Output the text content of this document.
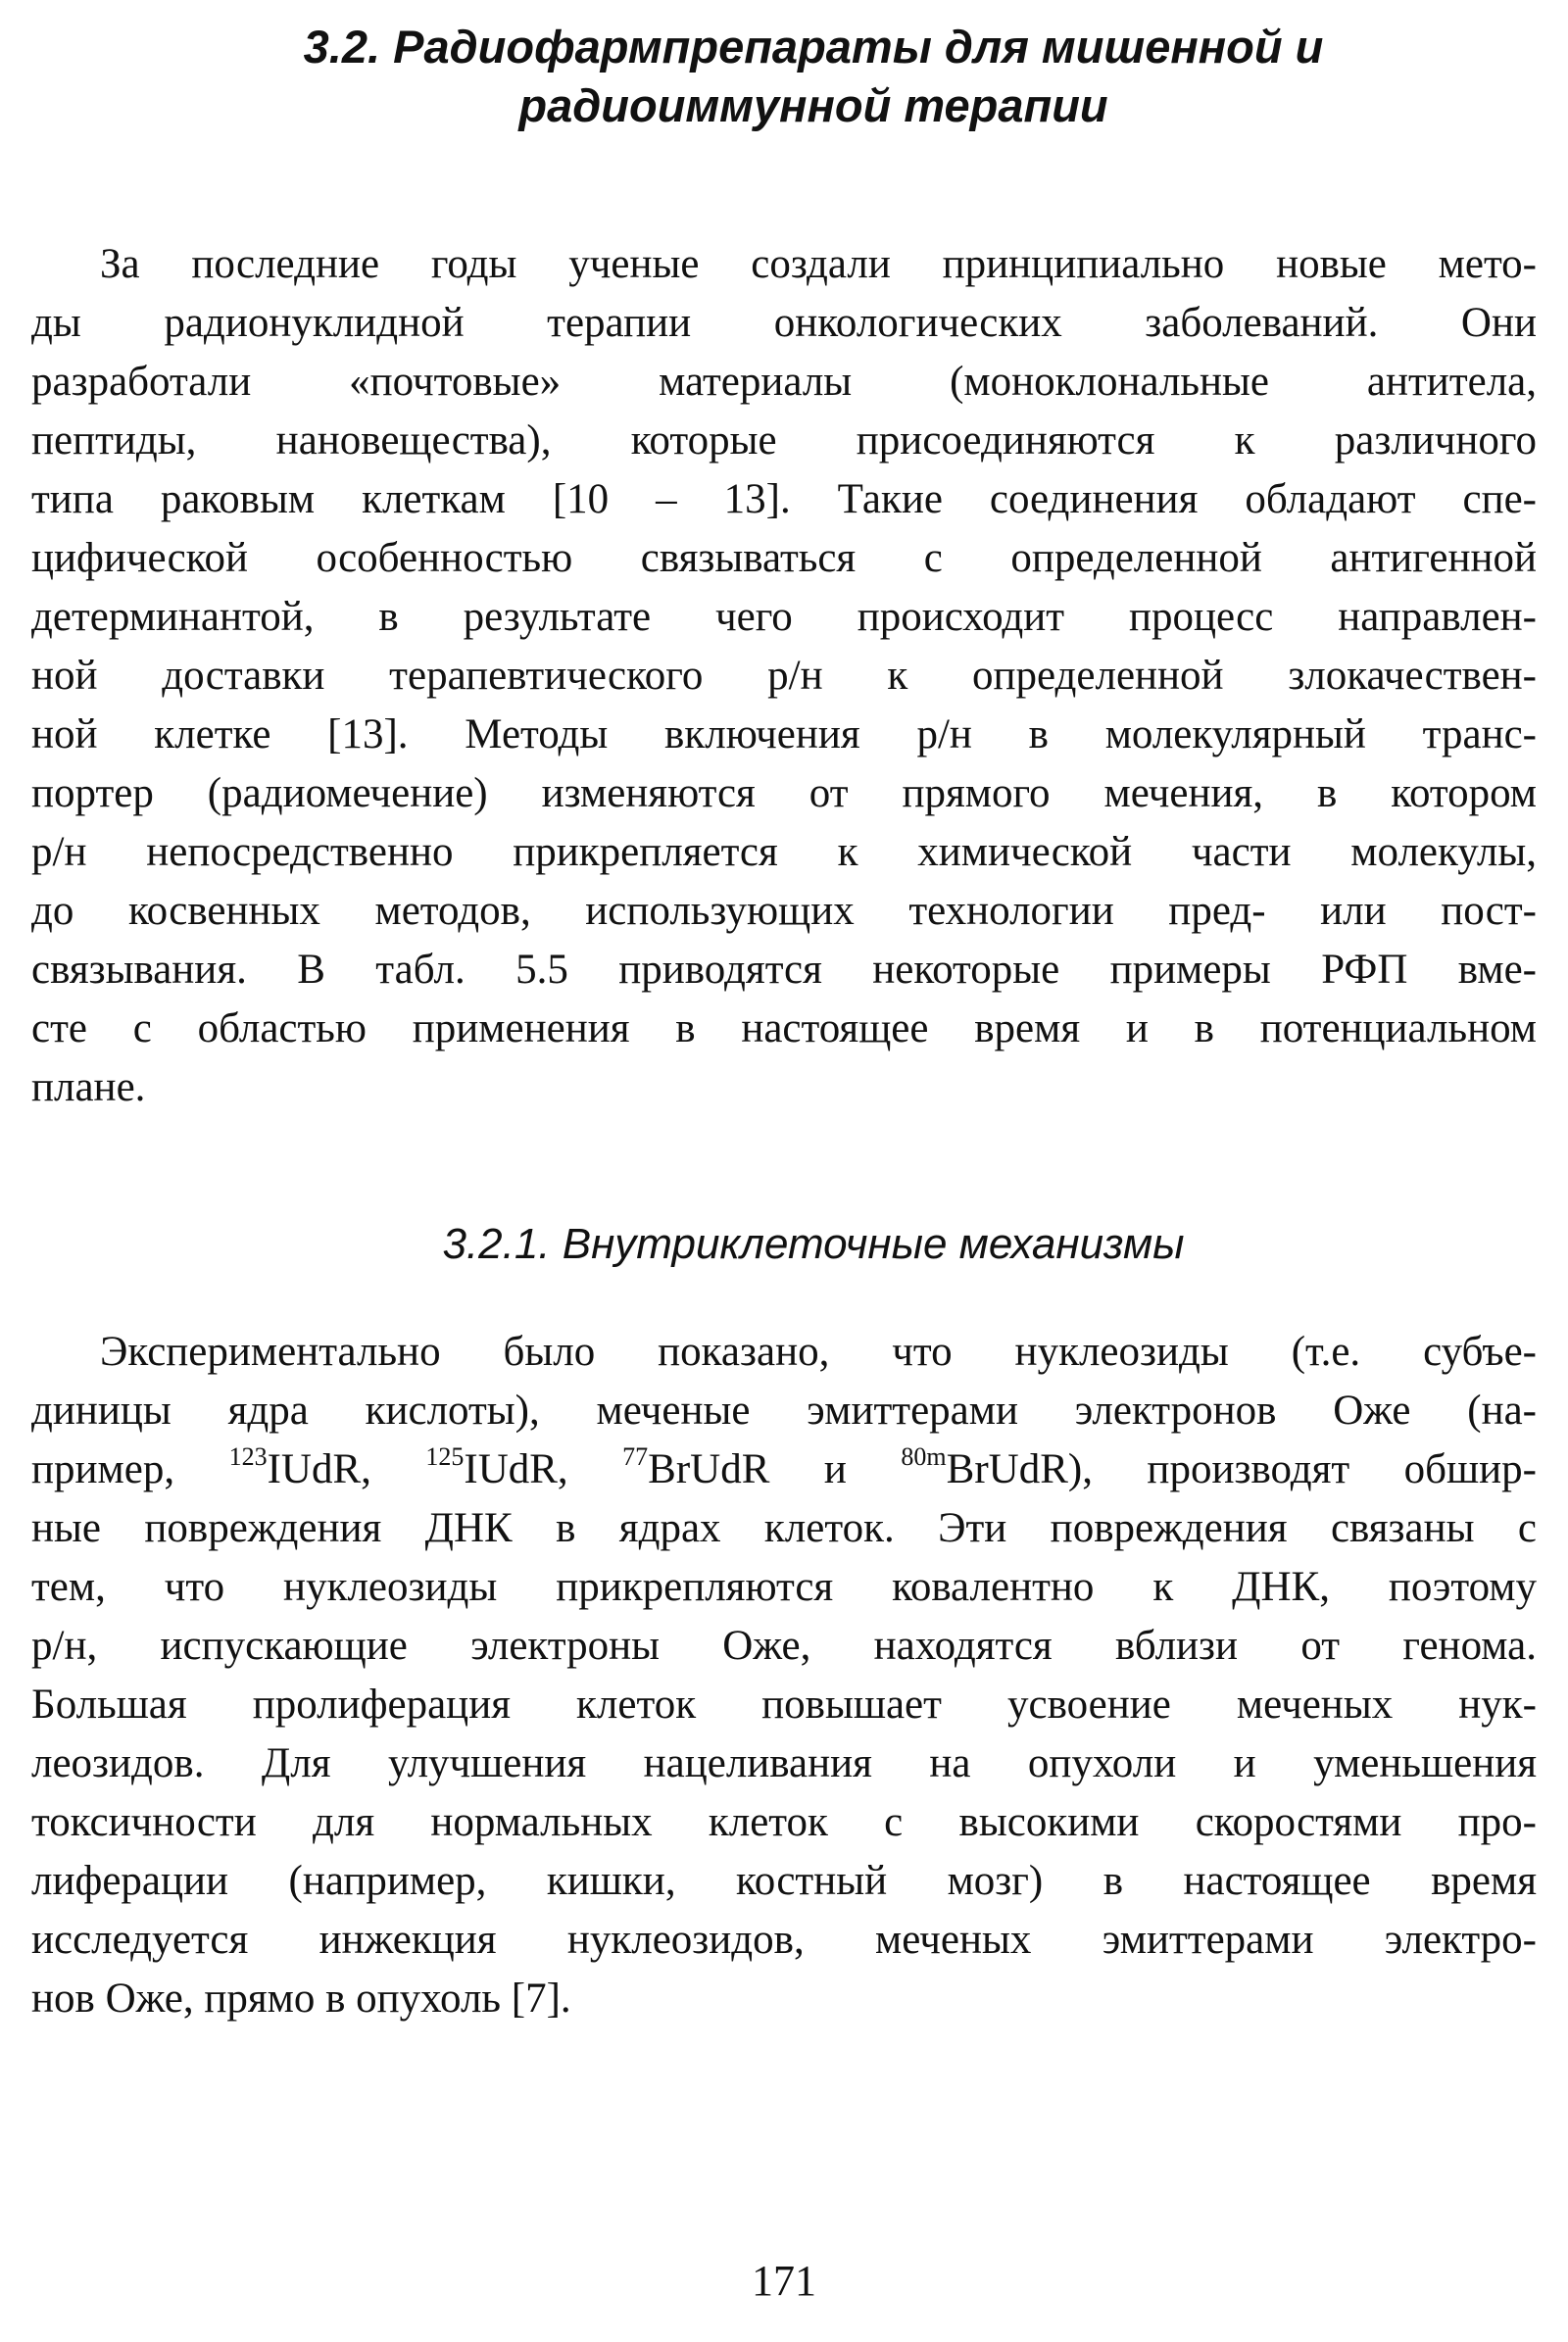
3.2. Радиофармпрепараты для мишенной и
радиоиммунной терапии
За последние годы ученые создали принципиально новые мето-
ды радионуклидной терапии онкологических заболеваний. Они
разработали «почтовые» материалы (моноклональные антитела,
пептиды, нановещества), которые присоединяются к различного
типа раковым клеткам [10 – 13]. Такие соединения обладают спе-
цифической особенностью связываться с определенной антигенной
детерминантой, в результате чего происходит процесс направлен-
ной доставки терапевтического р/н к определенной злокачествен-
ной клетке [13]. Методы включения р/н в молекулярный транс-
портер (радиомечение) изменяются от прямого мечения, в котором
р/н непосредственно прикрепляется к химической части молекулы,
до косвенных методов, использующих технологии пред- или пост-
связывания. В табл. 5.5 приводятся некоторые примеры РФП вме-
сте с областью применения в настоящее время и в потенциальном
плане.
3.2.1. Внутриклеточные механизмы
Экспериментально было показано, что нуклеозиды (т.е. субъе-
диницы ядра кислоты), меченые эмиттерами электронов Оже (на-
пример, $^{123}$IUdR, $^{125}$IUdR, $^{77}$BrUdR и $^{80m}$BrUdR), производят обшир-
ные повреждения ДНК в ядрах клеток. Эти повреждения связаны с
тем, что нуклеозиды прикрепляются ковалентно к ДНК, поэтому
р/н, испускающие электроны Оже, находятся вблизи от генома.
Большая пролиферация клеток повышает усвоение меченых нук-
леозидов. Для улучшения нацеливания на опухоли и уменьшения
токсичности для нормальных клеток с высокими скоростями про-
лиферации (например, кишки, костный мозг) в настоящее время
исследуется инжекция нуклеозидов, меченых эмиттерами электро-
нов Оже, прямо в опухоль [7].
171
